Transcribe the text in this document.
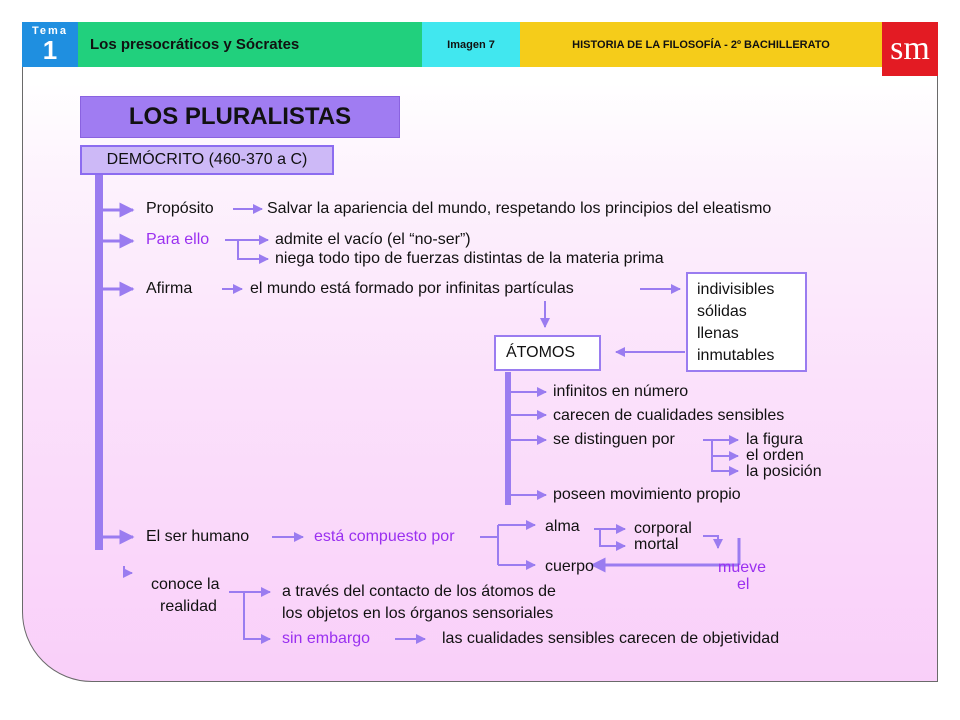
Tema
1	Los presocráticos y Sócrates	Imagen 7	HISTORIA DE LA FILOSOFÍA - 2º BACHILLERATO	sm
LOS PLURALISTAS
DEMÓCRITO (460-370 a C)
Propósito	Salvar la apariencia del mundo, respetando los principios del eleatismo
Para ello	admite el vacío (el “no-ser”)
niega todo tipo de fuerzas distintas de la materia prima
Afirma	el mundo está formado por infinitas partículas	indivisibles
sólidas
llenas
inmutables
ÁTOMOS
infinitos en número
carecen de cualidades sensibles
se distinguen por
poseen movimiento propio
la figura
el orden
la posición
El ser humano	está compuesto por
alma
cuerpo
corporal
mortal
mueve
el
conoce la
realidad
a través del contacto de los átomos de
los objetos en los órganos sensoriales
sin embargo	las cualidades sensibles carecen de objetividad
